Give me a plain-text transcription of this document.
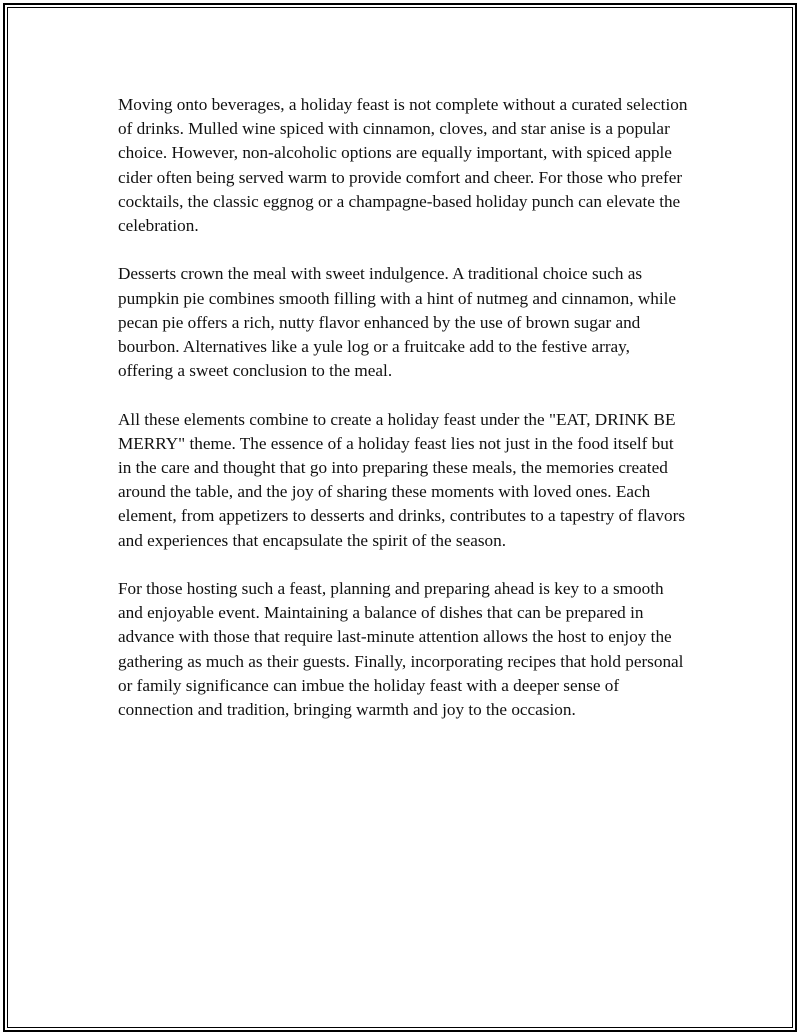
Moving onto beverages, a holiday feast is not complete without a curated selection of drinks. Mulled wine spiced with cinnamon, cloves, and star anise is a popular choice. However, non-alcoholic options are equally important, with spiced apple cider often being served warm to provide comfort and cheer. For those who prefer cocktails, the classic eggnog or a champagne-based holiday punch can elevate the celebration.

Desserts crown the meal with sweet indulgence. A traditional choice such as pumpkin pie combines smooth filling with a hint of nutmeg and cinnamon, while pecan pie offers a rich, nutty flavor enhanced by the use of brown sugar and bourbon. Alternatives like a yule log or a fruitcake add to the festive array, offering a sweet conclusion to the meal.

All these elements combine to create a holiday feast under the "EAT, DRINK BE MERRY" theme. The essence of a holiday feast lies not just in the food itself but in the care and thought that go into preparing these meals, the memories created around the table, and the joy of sharing these moments with loved ones. Each element, from appetizers to desserts and drinks, contributes to a tapestry of flavors and experiences that encapsulate the spirit of the season.

For those hosting such a feast, planning and preparing ahead is key to a smooth and enjoyable event. Maintaining a balance of dishes that can be prepared in advance with those that require last-minute attention allows the host to enjoy the gathering as much as their guests. Finally, incorporating recipes that hold personal or family significance can imbue the holiday feast with a deeper sense of connection and tradition, bringing warmth and joy to the occasion.
